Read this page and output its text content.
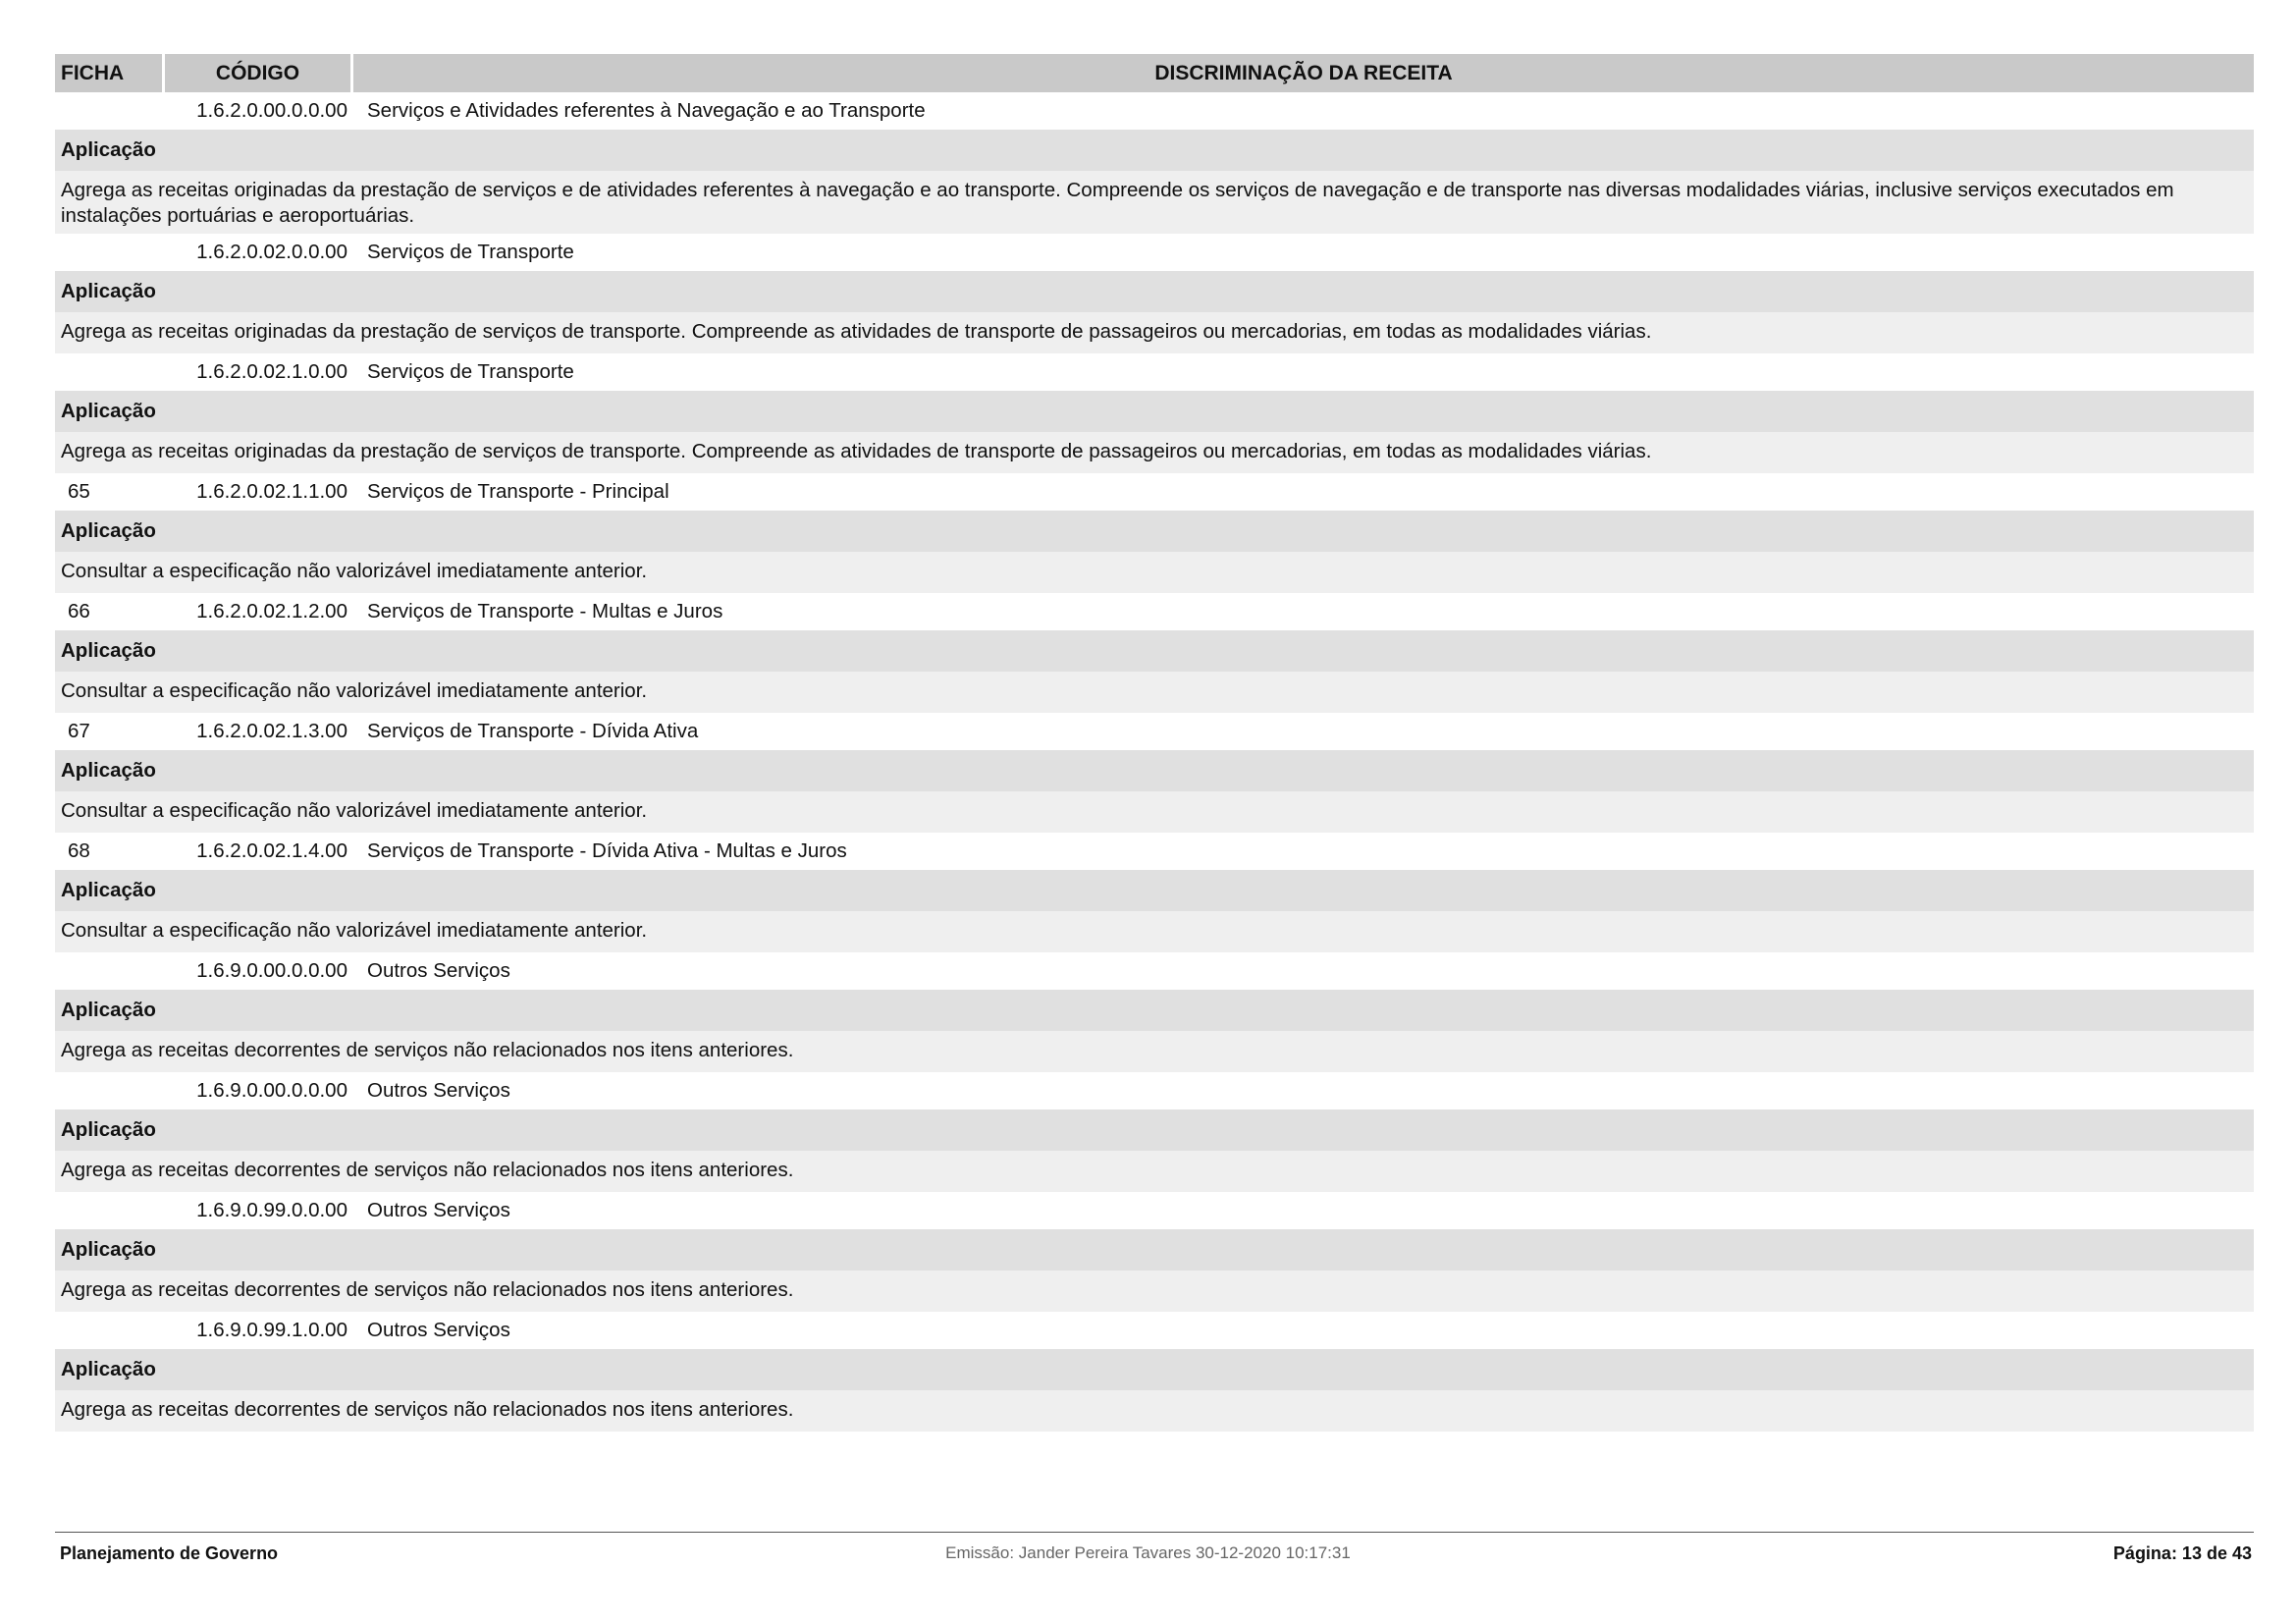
FICHA	CÓDIGO	DISCRIMINAÇÃO DA RECEITA
1.6.2.0.00.0.0.00 Serviços e Atividades referentes à Navegação e ao Transporte
Aplicação
Agrega as receitas originadas da prestação de serviços e de atividades referentes à navegação e ao transporte. Compreende os serviços de navegação e de transporte nas diversas modalidades viárias, inclusive serviços executados em instalações portuárias e aeroportuárias.
1.6.2.0.02.0.0.00 Serviços de Transporte
Aplicação
Agrega as receitas originadas da prestação de serviços de transporte. Compreende as atividades de transporte de passageiros ou mercadorias, em todas as modalidades viárias.
1.6.2.0.02.1.0.00 Serviços de Transporte
Aplicação
Agrega as receitas originadas da prestação de serviços de transporte. Compreende as atividades de transporte de passageiros ou mercadorias, em todas as modalidades viárias.
65	1.6.2.0.02.1.1.00 Serviços de Transporte - Principal
Aplicação
Consultar a especificação não valorizável imediatamente anterior.
66	1.6.2.0.02.1.2.00 Serviços de Transporte - Multas e Juros
Aplicação
Consultar a especificação não valorizável imediatamente anterior.
67	1.6.2.0.02.1.3.00 Serviços de Transporte - Dívida Ativa
Aplicação
Consultar a especificação não valorizável imediatamente anterior.
68	1.6.2.0.02.1.4.00 Serviços de Transporte - Dívida Ativa - Multas e Juros
Aplicação
Consultar a especificação não valorizável imediatamente anterior.
1.6.9.0.00.0.0.00 Outros Serviços
Aplicação
Agrega as receitas decorrentes de serviços não relacionados nos itens anteriores.
1.6.9.0.00.0.0.00 Outros Serviços
Aplicação
Agrega as receitas decorrentes de serviços não relacionados nos itens anteriores.
1.6.9.0.99.0.0.00 Outros Serviços
Aplicação
Agrega as receitas decorrentes de serviços não relacionados nos itens anteriores.
1.6.9.0.99.1.0.00 Outros Serviços
Aplicação
Agrega as receitas decorrentes de serviços não relacionados nos itens anteriores.
Emissão: Jander Pereira Tavares 30-12-2020 10:17:31
Planejamento de Governo	Página: 13 de 43
